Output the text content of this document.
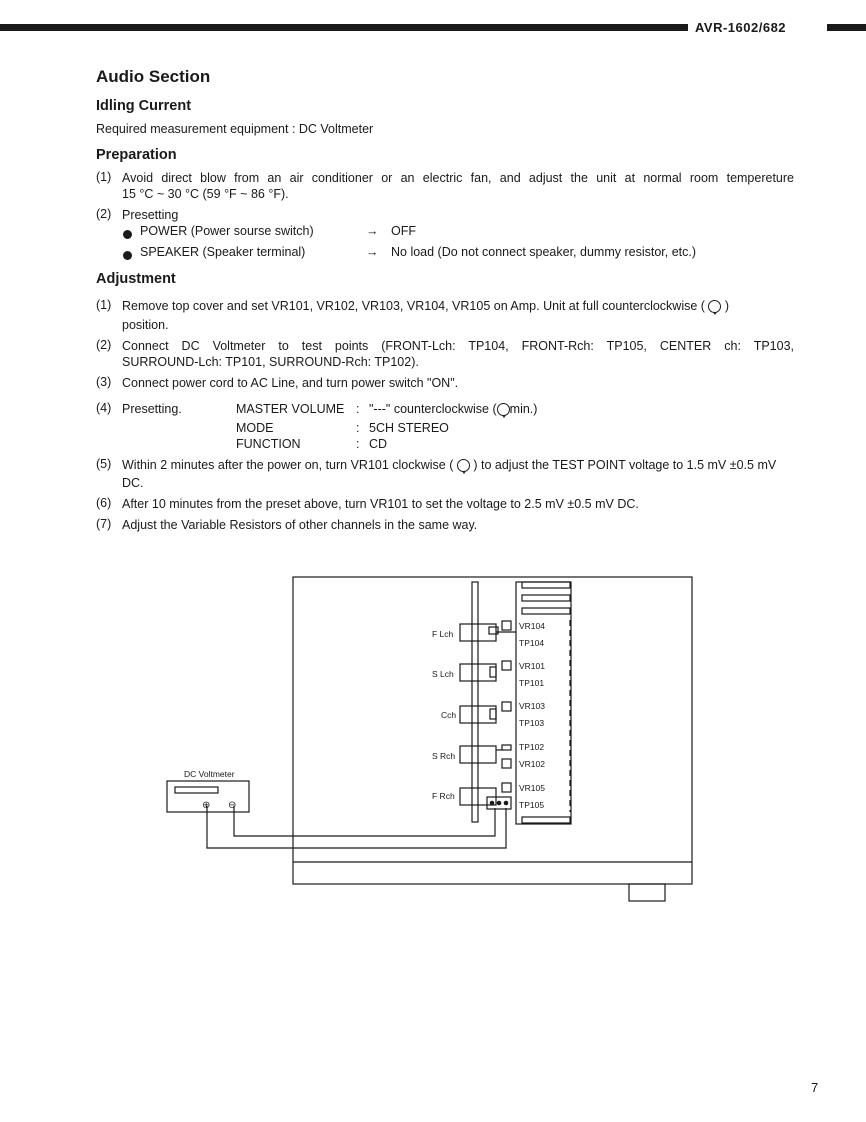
AVR-1602/682
Audio Section
Idling Current
Required measurement equipment : DC Voltmeter
Preparation
(1) Avoid direct blow from an air conditioner or an electric fan, and adjust the unit at normal room tempereture
15 °C ~ 30 °C (59 °F ~ 86 °F).
(2) Presetting
POWER (Power sourse switch)	→ OFF
SPEAKER (Speaker terminal)	→ No load (Do not connect speaker, dummy resistor, etc.)
Adjustment
(1) Remove top cover and set VR101, VR102, VR103, VR104, VR105 on Amp. Unit at full counterclockwise ( )
position.
(2) Connect DC Voltmeter to test points (FRONT-Lch: TP104, FRONT-Rch: TP105, CENTER ch: TP103,
SURROUND-Lch: TP101, SURROUND-Rch: TP102).
(3) Connect power cord to AC Line, and turn power switch "ON".
(4) Presetting.	MASTER VOLUME : "---" counterclockwise ( min.)
MODE	: 5CH STEREO
FUNCTION	: CD
(5) Within 2 minutes after the power on, turn VR101 clockwise ( ) to adjust the TEST POINT voltage to 1.5 mV ±0.5 mV
DC.
(6) After 10 minutes from the preset above, turn VR101 to set the voltage to 2.5 mV ±0.5 mV DC.
(7) Adjust the Variable Resistors of other channels in the same way.
DC Voltmeter
⊕ ⊖
F Lch
S Lch
Cch
S Rch
F Rch
VR104
TP104
VR101
TP101
VR103
TP103
TP102
VR102
VR105
TP105
7
